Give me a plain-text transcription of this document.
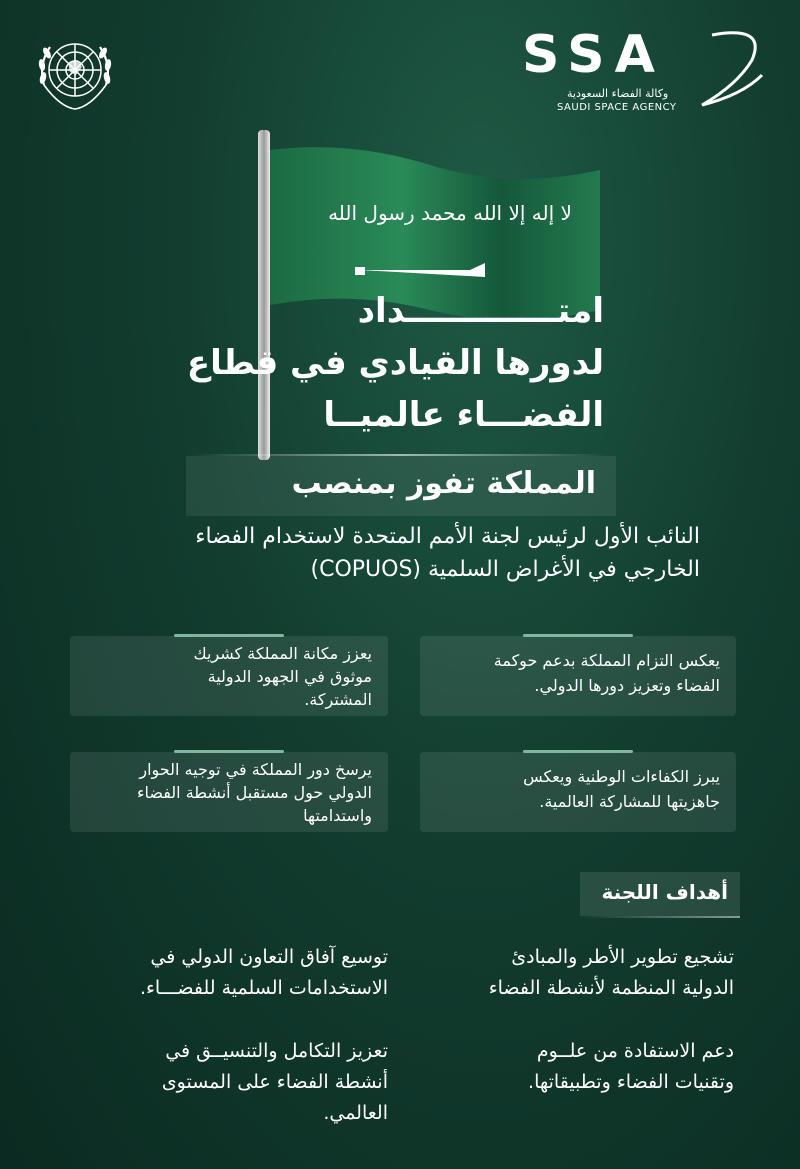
SSA
وكالة الفضاء السعودية
SAUDI SPACE AGENCY
لا إله إلا الله محمد رسول الله
امتـــــــــــــداد
لدورها القيادي في قطاع
الفضـــاء عالميــا
المملكة تفوز بمنصب
النائب الأول لرئيس لجنة الأمم المتحدة لاستخدام الفضاء
الخارجي في الأغراض السلمية (COPUOS)
يعكس التزام المملكة بدعم حوكمة
الفضاء وتعزيز دورها الدولي.
يعزز مكانة المملكة كشريك
موثوق في الجهود الدولية
المشتركة.
يبرز الكفاءات الوطنية ويعكس
جاهزيتها للمشاركة العالمية.
يرسخ دور المملكة في توجيه الحوار
الدولي حول مستقبل أنشطة الفضاء
واستدامتها
أهداف اللجنة
تشجيع تطوير الأطر والمبادئ
الدولية المنظمة لأنشطة الفضاء
توسيع آفاق التعاون الدولي في
الاستخدامات السلمية للفضـــاء.
دعم الاستفادة من علــوم
وتقنيات الفضاء وتطبيقاتها.
تعزيز التكامل والتنسيــق في
أنشطة الفضاء على المستوى
العالمي.
